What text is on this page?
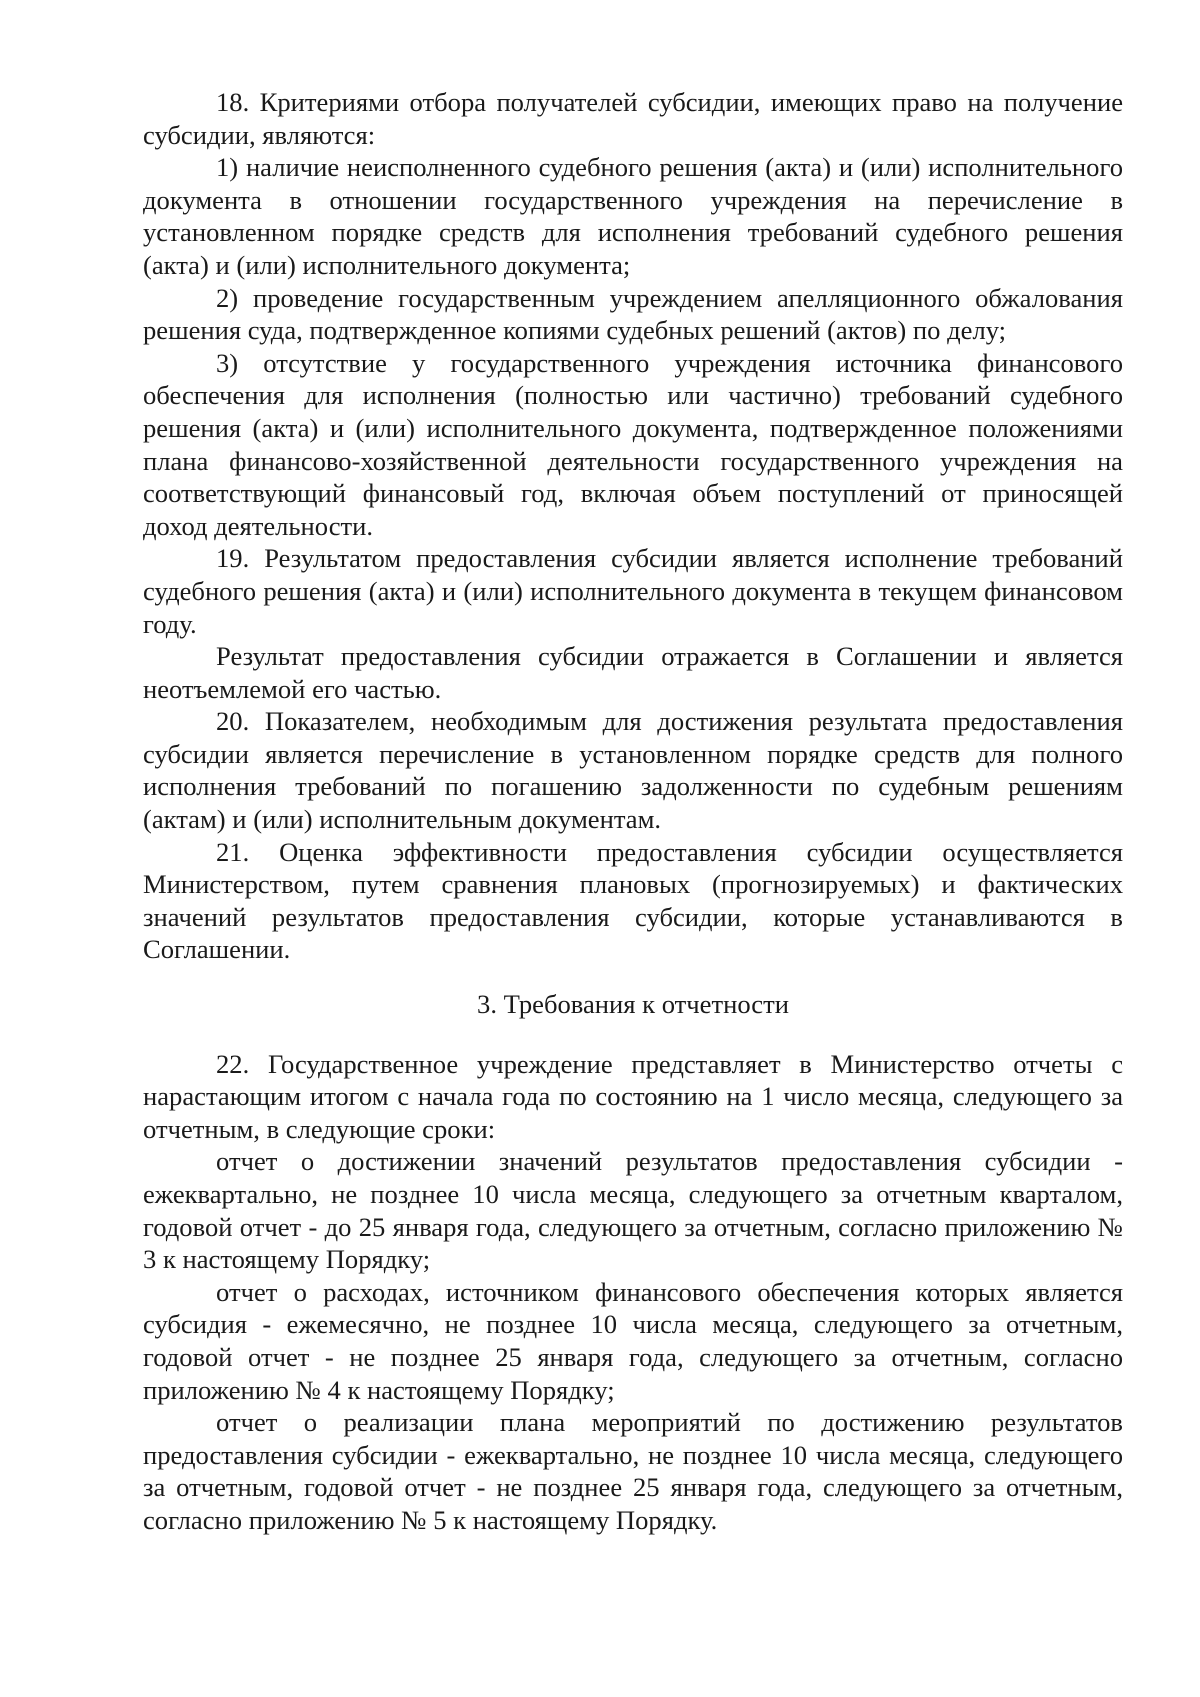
18. Критериями отбора получателей субсидии, имеющих право на получение субсидии, являются:

1) наличие неисполненного судебного решения (акта) и (или) исполнительного документа в отношении государственного учреждения на перечисление в установленном порядке средств для исполнения требований судебного решения (акта) и (или) исполнительного документа;

2) проведение государственным учреждением апелляционного обжалования решения суда, подтвержденное копиями судебных решений (актов) по делу;

3) отсутствие у государственного учреждения источника финансового обеспечения для исполнения (полностью или частично) требований судебного решения (акта) и (или) исполнительного документа, подтвержденное положениями плана финансово-хозяйственной деятельности государственного учреждения на соответствующий финансовый год, включая объем поступлений от приносящей доход деятельности.

19. Результатом предоставления субсидии является исполнение требований судебного решения (акта) и (или) исполнительного документа в текущем финансовом году.

Результат предоставления субсидии отражается в Соглашении и является неотъемлемой его частью.

20. Показателем, необходимым для достижения результата предоставления субсидии является перечисление в установленном порядке средств для полного исполнения требований по погашению задолженности по судебным решениям (актам) и (или) исполнительным документам.

21. Оценка эффективности предоставления субсидии осуществляется Министерством, путем сравнения плановых (прогнозируемых) и фактических значений результатов предоставления субсидии, которые устанавливаются в Соглашении.

3. Требования к отчетности

22. Государственное учреждение представляет в Министерство отчеты с нарастающим итогом с начала года по состоянию на 1 число месяца, следующего за отчетным, в следующие сроки:

отчет о достижении значений результатов предоставления субсидии - ежеквартально, не позднее 10 числа месяца, следующего за отчетным кварталом, годовой отчет - до 25 января года, следующего за отчетным, согласно приложению № 3 к настоящему Порядку;

отчет о расходах, источником финансового обеспечения которых является субсидия - ежемесячно, не позднее 10 числа месяца, следующего за отчетным, годовой отчет - не позднее 25 января года, следующего за отчетным, согласно приложению № 4 к настоящему Порядку;

отчет о реализации плана мероприятий по достижению результатов предоставления субсидии - ежеквартально, не позднее 10 числа месяца, следующего за отчетным, годовой отчет - не позднее 25 января года, следующего за отчетным, согласно приложению № 5 к настоящему Порядку.
